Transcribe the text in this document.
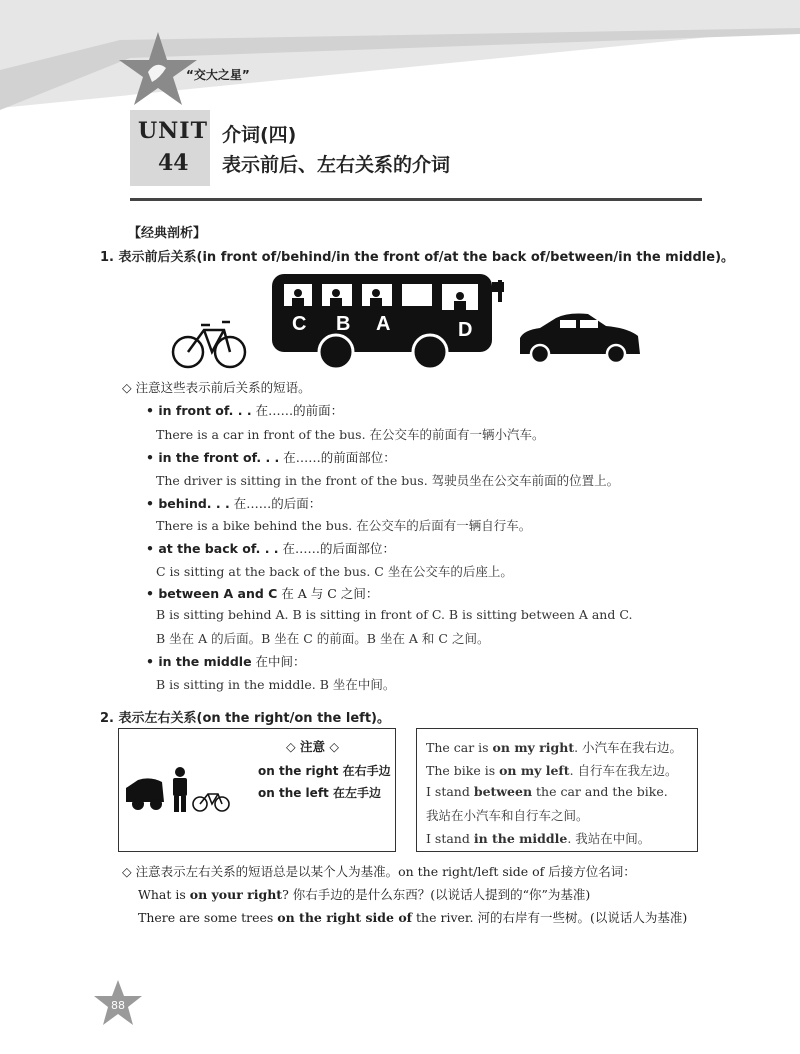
“交大之星”
UNIT
44
介词(四)
表示前后、左右关系的介词
【经典剖析】
1. 表示前后关系(in front of/behind/in the front of/at the back of/between/in the middle)。
C B A	D
◇ 注意这些表示前后关系的短语。
• in front of. . . 在……的前面：
There is a car in front of the bus. 在公交车的前面有一辆小汽车。
• in the front of. . . 在……的前面部位：
The driver is sitting in the front of the bus. 驾驶员坐在公交车前面的位置上。
• behind. . . 在……的后面：
There is a bike behind the bus. 在公交车的后面有一辆自行车。
• at the back of. . . 在……的后面部位：
C is sitting at the back of the bus. C 坐在公交车的后座上。
• between A and C 在 A 与 C 之间：
B is sitting behind A. B is sitting in front of C. B is sitting between A and C.
B 坐在 A 的后面。B 坐在 C 的前面。B 坐在 A 和 C 之间。
• in the middle 在中间：
B is sitting in the middle. B 坐在中间。
2. 表示左右关系(on the right/on the left)。
◇ 注意 ◇
on the right 在右手边
on the left 在左手边
The car is on my right. 小汽车在我右边。
The bike is on my left. 自行车在我左边。
I stand between the car and the bike.
我站在小汽车和自行车之间。
I stand in the middle. 我站在中间。
◇ 注意表示左右关系的短语总是以某个人为基准。on the right/left side of 后接方位名词：
What is on your right? 你右手边的是什么东西？(以说话人提到的“你”为基准)
There are some trees on the right side of the river. 河的右岸有一些树。(以说话人为基准)
88
